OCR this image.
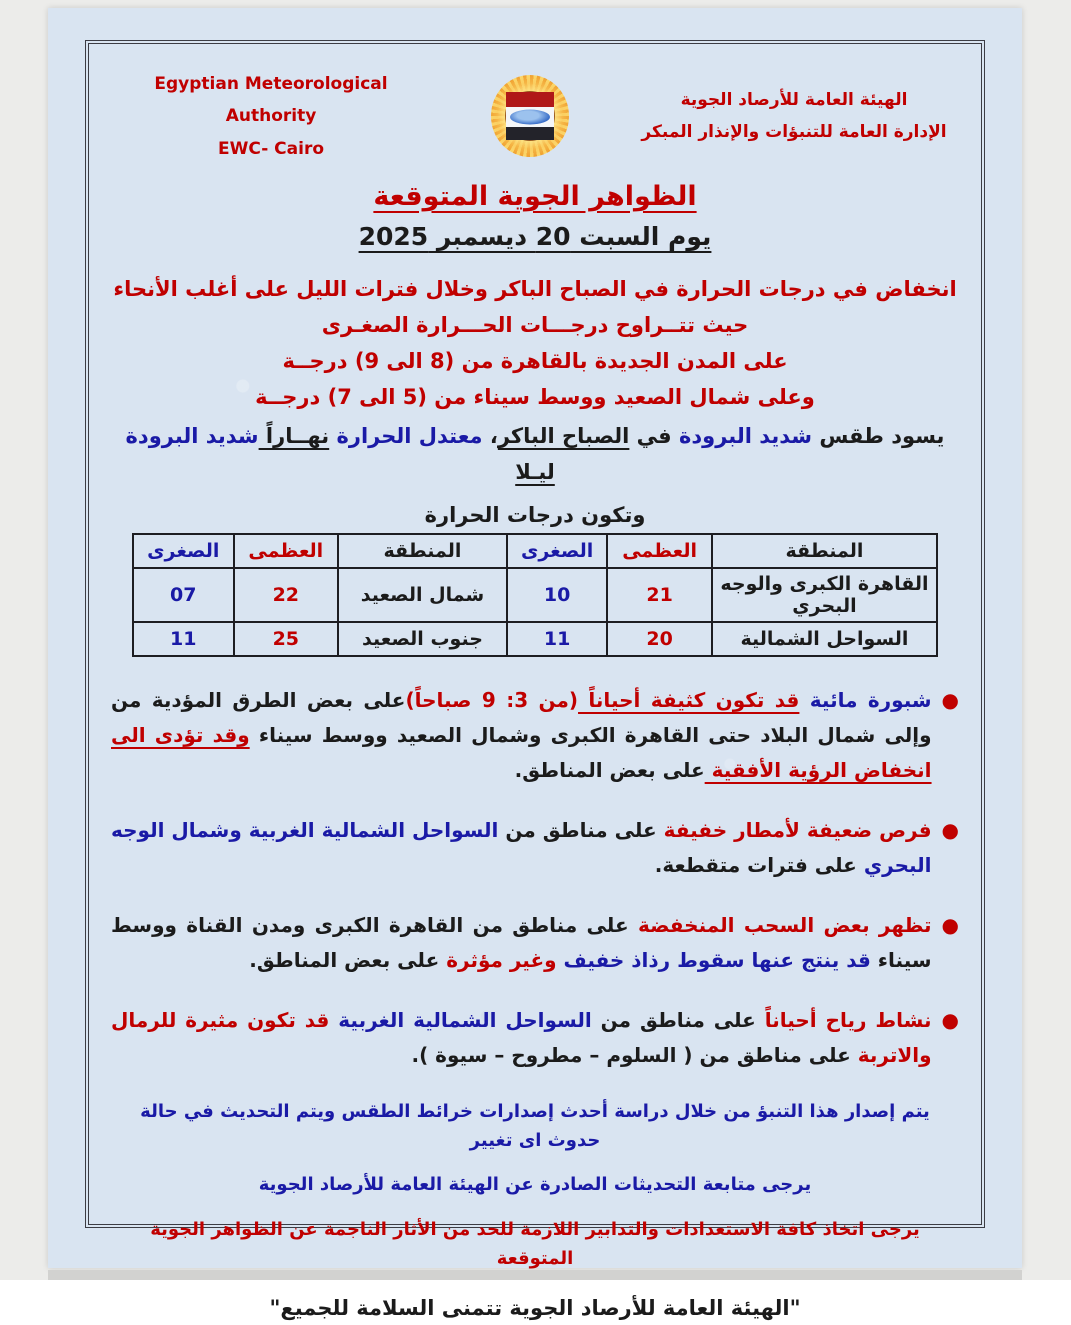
Egyptian Meteorological Authority
EWC- Cairo
الهيئة العامة للأرصاد الجوية
الإدارة العامة للتنبؤات والإنذار المبكر
الظواهر الجوية المتوقعة
يوم السبت 20 ديسمبر 2025
انخفاض في درجات الحرارة في الصباح الباكر وخلال فترات الليل على أغلب الأنحاء
حيث تتــراوح درجـــات الحـــرارة الصغـرى
على المدن الجديدة بالقاهرة من (8 الى 9) درجــة
وعلى شمال الصعيد ووسط سيناء من (5 الى 7) درجــة
يسود طقس شديد البرودة في الصباح الباكر، معتدل الحرارة نهــاراً شديد البرودة ليـلا
وتكون درجات الحرارة
المنطقة	العظمى	الصغرى	المنطقة	العظمى	الصغرى
القاهرة الكبرى والوجه البحري	21	10	شمال الصعيد	22	07
السواحل الشمالية	20	11	جنوب الصعيد	25	11
●
شبورة مائية قد تكون كثيفة أحياناً (من 3: 9 صباحاً)على بعض الطرق المؤدية من وإلى شمال البلاد حتى القاهرة الكبرى وشمال الصعيد ووسط سيناء وقد تؤدى الى انخفاض الرؤية الأفقية على بعض المناطق.
●
فرص ضعيفة لأمطار خفيفة على مناطق من السواحل الشمالية الغربية وشمال الوجه البحري على فترات متقطعة.
●
تظهر بعض السحب المنخفضة على مناطق من القاهرة الكبرى ومدن القناة ووسط سيناء قد ينتج عنها سقوط رذاذ خفيف وغير مؤثرة على بعض المناطق.
●
نشاط رياح أحياناً على مناطق من السواحل الشمالية الغربية قد تكون مثيرة للرمال والاتربة على مناطق من ( السلوم – مطروح – سيوة ).
يتم إصدار هذا التنبؤ من خلال دراسة أحدث إصدارات خرائط الطقس ويتم التحديث في حالة حدوث اى تغيير
يرجى متابعة التحديثات الصادرة عن الهيئة العامة للأرصاد الجوية
يرجى اتخاذ كافة الاستعدادات والتدابير اللازمة للحد من الأثار الناجمة عن الظواهر الجوية المتوقعة
"الهيئة العامة للأرصاد الجوية تتمنى السلامة للجميع"
